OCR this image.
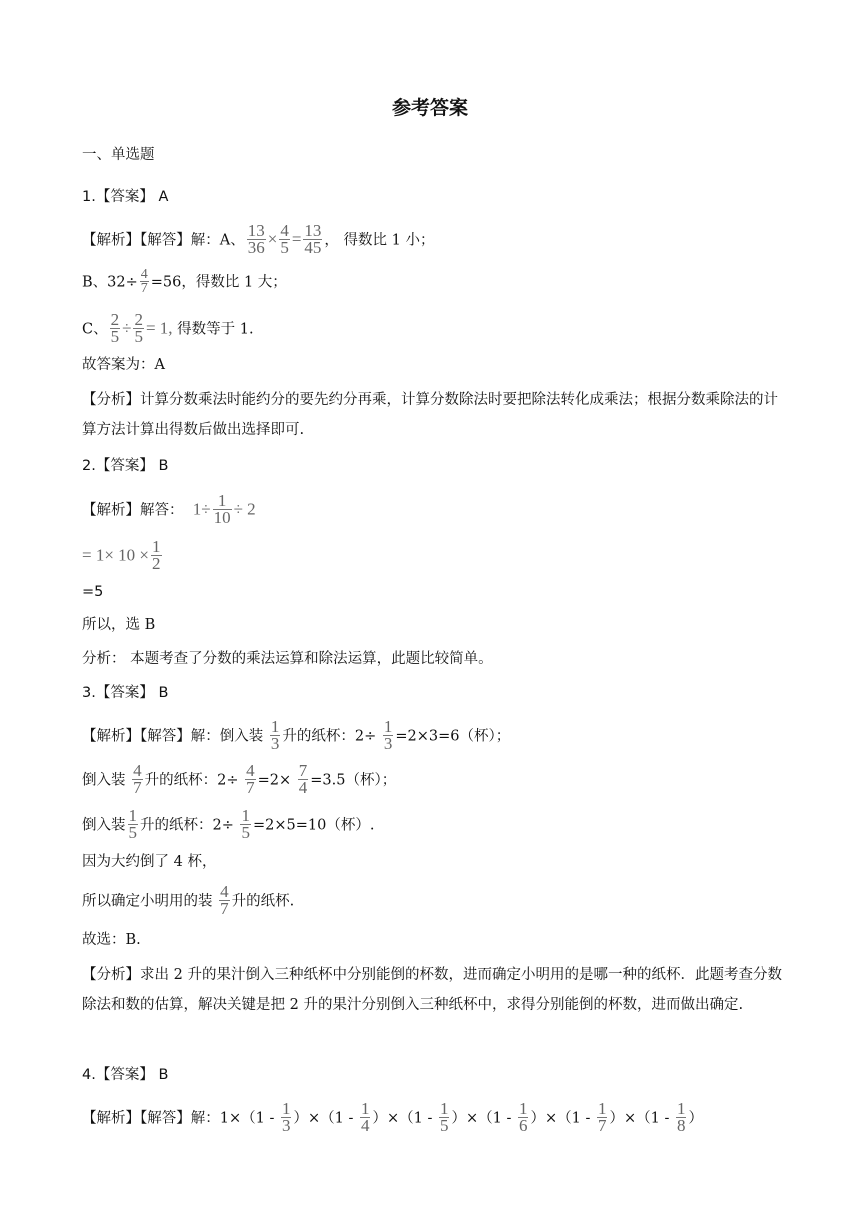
参考答案
一、单选题
1.【答案】 A
【解析】【解答】解：A、 $\frac{13}{36} \times \frac{4}{5} = \frac{13}{45}$ ， 得数比 1 小；
B、$32\div \frac{4}{7} =56$，得数比 1 大；
C、 $\frac{2}{5} \div \frac{2}{5} = 1$, 得数等于 1.
故答案为：A
【分析】计算分数乘法时能约分的要先约分再乘，计算分数除法时要把除法转化成乘法；根据分数乘除法的计算方法计算出得数后做出选择即可.
2.【答案】 B
【解析】解答： $1\div \frac{1}{10} \div 2$
= $1\times 10 \times \frac{1}{2}$
=5
所以，选 B
分析： 本题考查了分数的乘法运算和除法运算，此题比较简单。
3.【答案】 B
【解析】【解答】解：倒入装 $\frac{1}{3}$ 升的纸杯：$2\div \frac{1}{3} =2\times 3=6$（杯）；
倒入装 $\frac{4}{7}$ 升的纸杯：$2\div \frac{4}{7} =2\times \frac{7}{4} =3.5$（杯）；
倒入装 $\frac{1}{5}$ 升的纸杯：$2\div \frac{1}{5} =2\times 5=10$（杯）.
因为大约倒了 4 杯，
所以确定小明用的装 $\frac{4}{7}$ 升的纸杯.
故选：B.
【分析】求出 2 升的果汁倒入三种纸杯中分别能倒的杯数，进而确定小明用的是哪一种的纸杯．此题考查分数除法和数的估算，解决关键是把 2 升的果汁分别倒入三种纸杯中，求得分别能倒的杯数，进而做出确定.
4.【答案】 B
【解析】【解答】解：$1\times(1 - \frac{1}{3} )\times(1 - \frac{1}{4} )\times(1 - \frac{1}{5} )\times(1 - \frac{1}{6} )\times(1 - \frac{1}{7} )\times(1 - \frac{1}{8}$ ）
